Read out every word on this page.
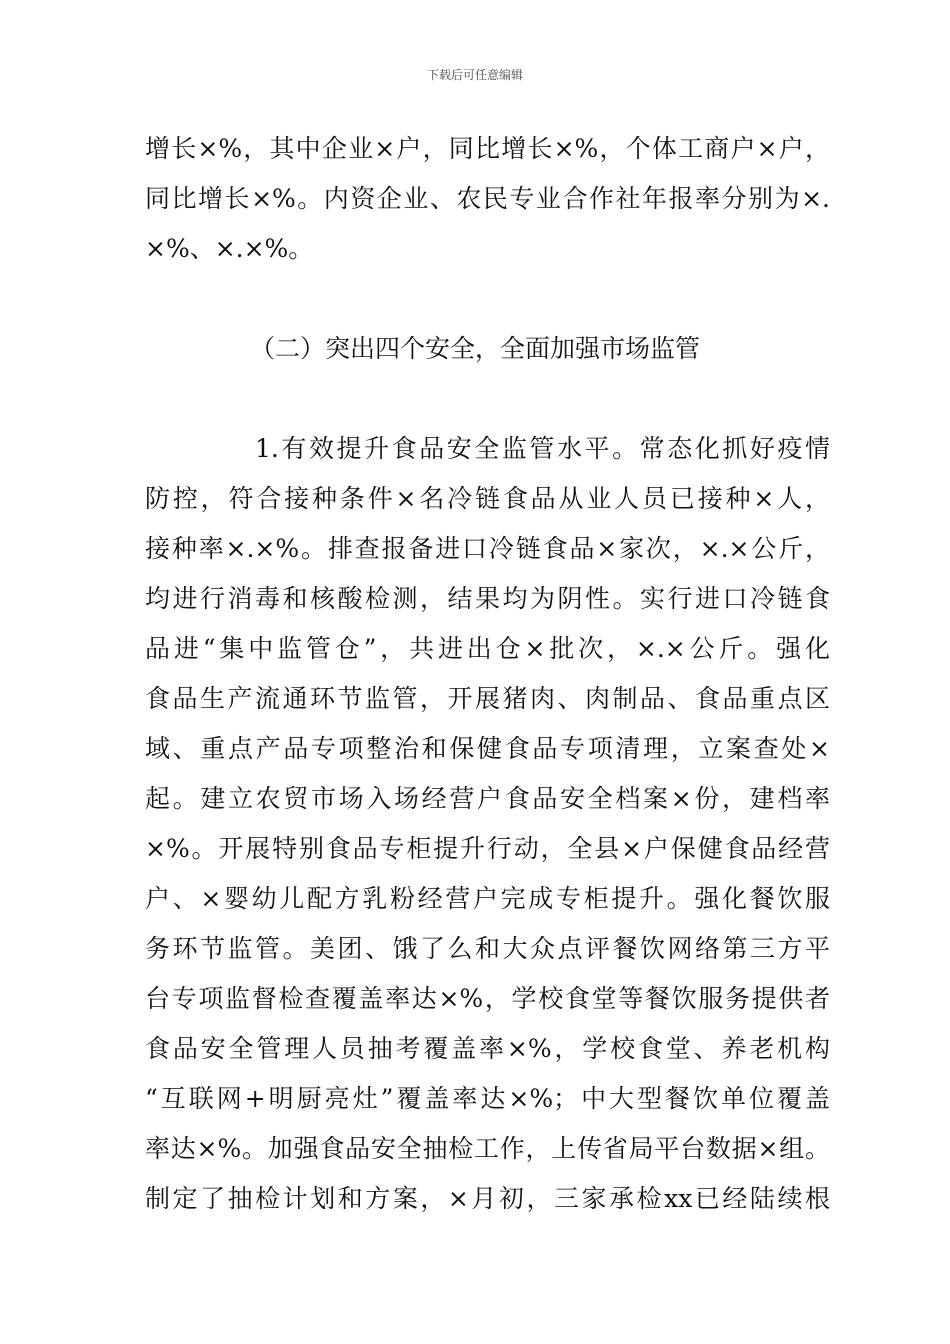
下载后可任意编辑
增长×%，其中企业×户，同比增长×%，个体工商户×户，
同比增长×%。内资企业、农民专业合作社年报率分别为×.
×%、×.×%。
（二）突出四个安全，全面加强市场监管
1.有效提升食品安全监管水平。常态化抓好疫情
防控，符合接种条件×名冷链食品从业人员已接种×人，
接种率×.×%。排查报备进口冷链食品×家次，×.×公斤，
均进行消毒和核酸检测，结果均为阴性。实行进口冷链食
品进“集中监管仓”，共进出仓×批次，×.×公斤。强化
食品生产流通环节监管，开展猪肉、肉制品、食品重点区
域、重点产品专项整治和保健食品专项清理，立案查处×
起。建立农贸市场入场经营户食品安全档案×份，建档率
×%。开展特别食品专柜提升行动，全县×户保健食品经营
户、×婴幼儿配方乳粉经营户完成专柜提升。强化餐饮服
务环节监管。美团、饿了么和大众点评餐饮网络第三方平
台专项监督检查覆盖率达×%，学校食堂等餐饮服务提供者
食品安全管理人员抽考覆盖率×%，学校食堂、养老机构
“互联网+明厨亮灶”覆盖率达×%；中大型餐饮单位覆盖
率达×%。加强食品安全抽检工作，上传省局平台数据×组。
制定了抽检计划和方案，×月初，三家承检xx已经陆续根
